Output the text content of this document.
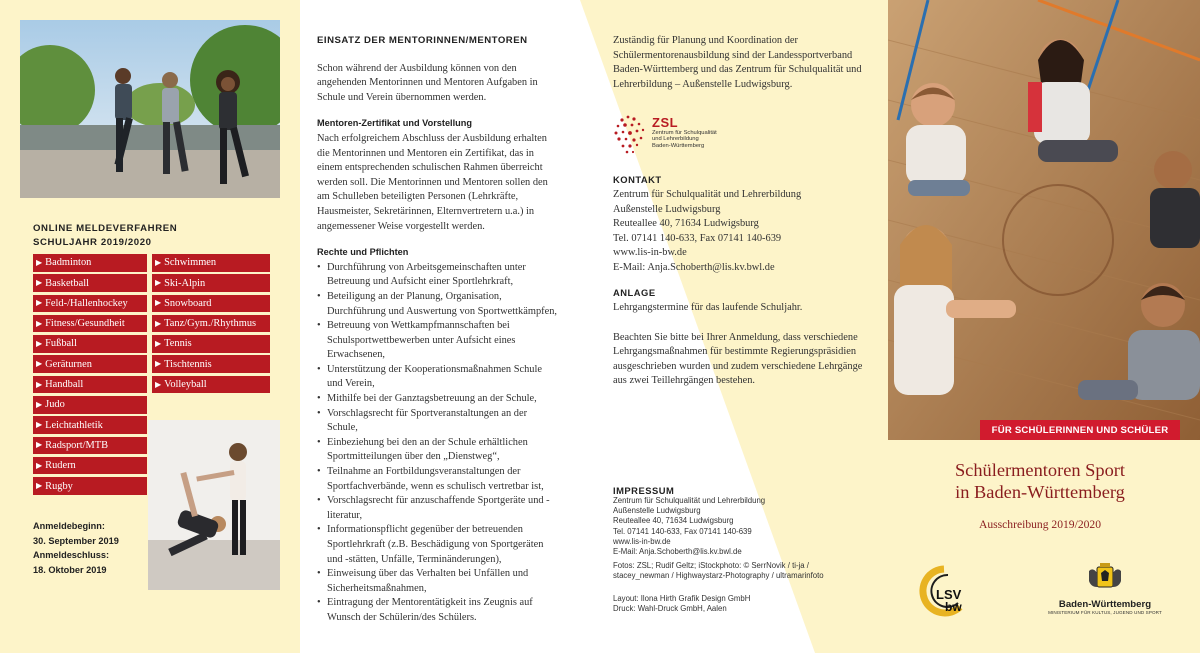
ONLINE MELDEVERFAHREN
SCHULJAHR 2019/2020
▶ Badminton
▶ Basketball
▶ Feld-/Hallenhockey
▶ Fitness/Gesundheit
▶ Fußball
▶ Geräturnen
▶ Handball
▶ Judo
▶ Leichtathletik
▶ Radsport/MTB
▶ Rudern
▶ Rugby
▶ Schwimmen
▶ Ski-Alpin
▶ Snowboard
▶ Tanz/Gym./Rhythmus
▶ Tennis
▶ Tischtennis
▶ Volleyball
Anmeldebeginn:
30. September 2019
Anmeldeschluss:
18. Oktober 2019
EINSATZ DER MENTORINNEN/MENTOREN

Schon während der Ausbildung können von den angehenden Mentorinnen und Mentoren Aufgaben in Schule und Verein übernommen werden.

Mentoren-Zertifikat und Vorstellung

Nach erfolgreichem Abschluss der Ausbildung erhalten die Mentorinnen und Mentoren ein Zertifikat, das in einem entsprechenden schulischen Rahmen überreicht werden soll. Die Mentorinnen und Mentoren sollen den am Schulleben beteiligten Personen (Lehrkräfte, Hausmeister, Sekretärinnen, Elternvertretern u.a.) in angemessener Weise vorgestellt werden.

Rechte und Pflichten
• Durchführung von Arbeitsgemeinschaften unter Betreuung und Aufsicht einer Sportlehrkraft,
• Beteiligung an der Planung, Organisation, Durchführung und Auswertung von Sportwettkämpfen,
• Betreuung von Wettkampfmannschaften bei Schulsportwettbewerben unter Aufsicht eines Erwachsenen,
• Unterstützung der Kooperationsmaßnahmen Schule und Verein,
• Mithilfe bei der Ganztagsbetreuung an der Schule,
• Vorschlagsrecht für Sportveranstaltungen an der Schule,
• Einbeziehung bei den an der Schule erhältlichen Sportmitteilungen über den „Dienstweg“,
• Teilnahme an Fortbildungsveranstaltungen der Sportfachverbände, wenn es schulisch vertretbar ist,
• Vorschlagsrecht für anzuschaffende Sportgeräte und -literatur,
• Informationspflicht gegenüber der betreuenden Sportlehrkraft (z.B. Beschädigung von Sportgeräten und -stätten, Unfälle, Terminänderungen),
• Einweisung über das Verhalten bei Unfällen und Sicherheitsmaßnahmen,
• Eintragung der Mentorentätigkeit ins Zeugnis auf Wunsch der Schülerin/des Schülers.

Zuständig für Planung und Koordination der Schülermentorenausbildung sind der Landessportverband Baden-Württemberg und das Zentrum für Schulqualität und Lehrerbildung – Außenstelle Ludwigsburg.

ZSL
Zentrum für Schulqualität
und Lehrerbildung
Baden-Württemberg
KONTAKT
Zentrum für Schulqualität und Lehrerbildung
Außenstelle Ludwigsburg
Reuteallee 40, 71634 Ludwigsburg
Tel. 07141 140-633, Fax 07141 140-639
www.lis-in-bw.de
E-Mail: Anja.Schoberth@lis.kv.bwl.de
ANLAGE

Lehrgangstermine für das laufende Schuljahr.

Beachten Sie bitte bei Ihrer Anmeldung, dass verschiedene Lehrgangsmaßnahmen für bestimmte Regierungspräsidien ausgeschrieben wurden und zudem verschiedene Lehrgänge aus zwei Teillehrgängen bestehen.

IMPRESSUM
Zentrum für Schulqualität und Lehrerbildung
Außenstelle Ludwigsburg
Reuteallee 40, 71634 Ludwigsburg
Tel. 07141 140-633, Fax 07141 140-639
www.lis-in-bw.de
E-Mail: Anja.Schoberth@lis.kv.bwl.de
Fotos: ZSL; Rudif Geltz; iStockphoto: © SerrNovik / ti-ja /
stacey_newman / Highwaystarz-Photography / ultramarinfoto
Layout: Ilona Hirth Grafik Design GmbH
Druck: Wahl-Druck GmbH, Aalen
FÜR SCHÜLERINNEN UND SCHÜLER
Schülermentoren Sport
in Baden-Württemberg
Ausschreibung 2019/2020
LSV
bw	Baden-Württemberg
MINISTERIUM FÜR KULTUS, JUGEND UND SPORT
